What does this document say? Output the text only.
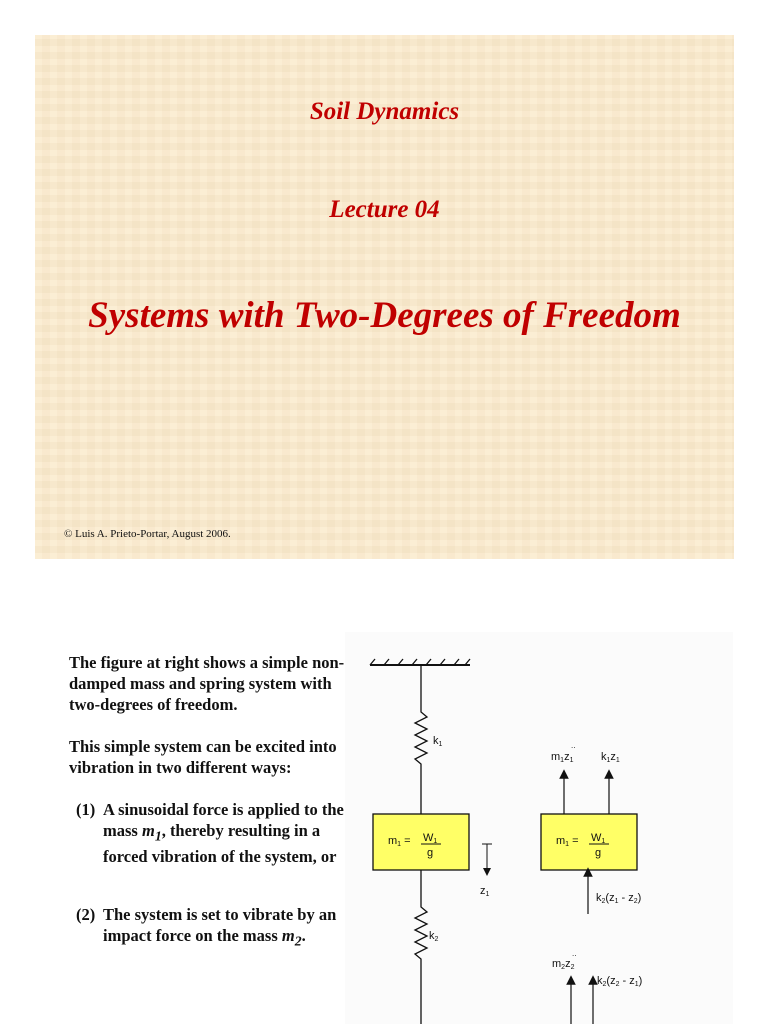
Soil Dynamics
Lecture 04
Systems with Two-Degrees of Freedom
© Luis A. Prieto-Portar, August 2006.
The figure at right shows a simple non-damped mass and spring system with two-degrees of freedom.
This simple system can be excited into vibration in two different ways:
(1) A sinusoidal force is applied to the mass $m_1$, thereby resulting in a forced vibration of the system, or
(2) The system is set to vibrate by an impact force on the mass $m_2$.
k1
m1 = W1
g
z1
k2
m1z1
..
k1z1
m1 = W1
g
k2(z1 - z2)
m2z2
..
k2(z2 - z1)
